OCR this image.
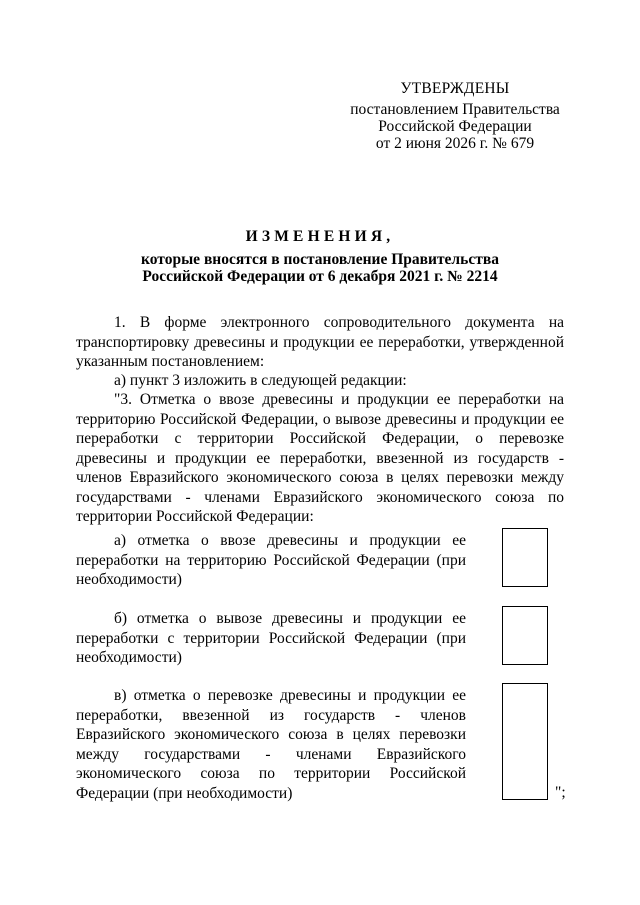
УТВЕРЖДЕНЫ
постановлением Правительства
Российской Федерации
от 2 июня 2026 г. № 679
ИЗМЕНЕНИЯ,
которые вносятся в постановление Правительства
Российской Федерации от 6 декабря 2021 г. № 2214
1. В форме электронного сопроводительного документа на транспортировку древесины и продукции ее переработки, утвержденной указанным постановлением:
а) пункт 3 изложить в следующей редакции:
"3. Отметка о ввозе древесины и продукции ее переработки на территорию Российской Федерации, о вывозе древесины и продукции ее переработки с территории Российской Федерации, о перевозке древесины и продукции ее переработки, ввезенной из государств - членов Евразийского экономического союза в целях перевозки между государствами - членами Евразийского экономического союза по территории Российской Федерации:
а) отметка о ввозе древесины и продукции ее переработки на территорию Российской Федерации (при необходимости)
б) отметка о вывозе древесины и продукции ее переработки с территории Российской Федерации (при необходимости)
в) отметка о перевозке древесины и продукции ее переработки, ввезенной из государств - членов Евразийского экономического союза в целях перевозки между государствами - членами Евразийского экономического союза по территории Российской Федерации (при необходимости)	";
